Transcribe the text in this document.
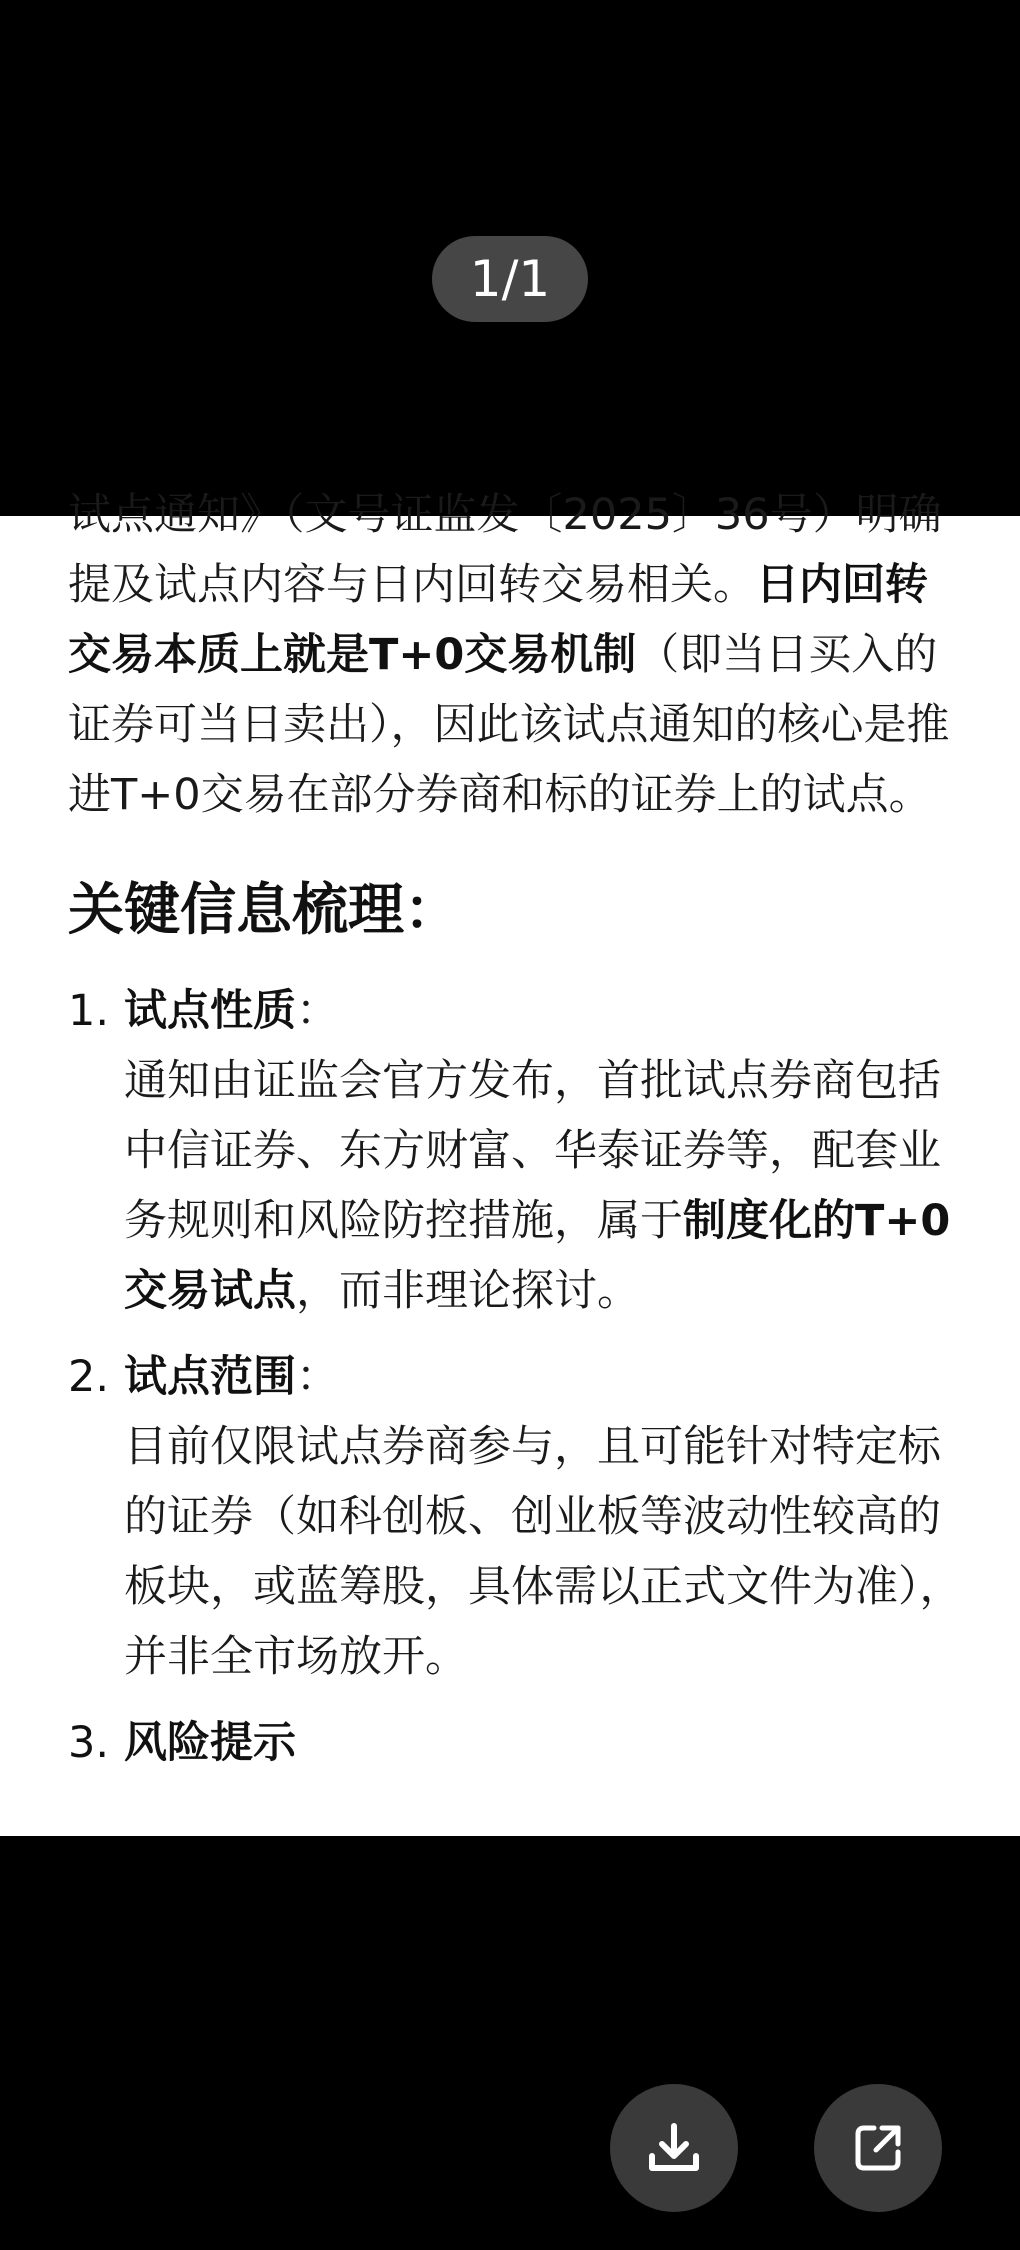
1/1

试点通知》（文号证监发〔2025〕36号）明确提及试点内容与日内回转交易相关。日内回转交易本质上就是T+0交易机制（即当日买入的证券可当日卖出），因此该试点通知的核心是推进T+0交易在部分券商和标的证券上的试点。

关键信息梳理：
1. 试点性质：
通知由证监会官方发布，首批试点券商包括中信证券、东方财富、华泰证券等，配套业务规则和风险防控措施，属于制度化的T+0交易试点，而非理论探讨。
2. 试点范围：
目前仅限试点券商参与，且可能针对特定标的证券（如科创板、创业板等波动性较高的板块，或蓝筹股，具体需以正式文件为准），并非全市场放开。
3. 风险提示
